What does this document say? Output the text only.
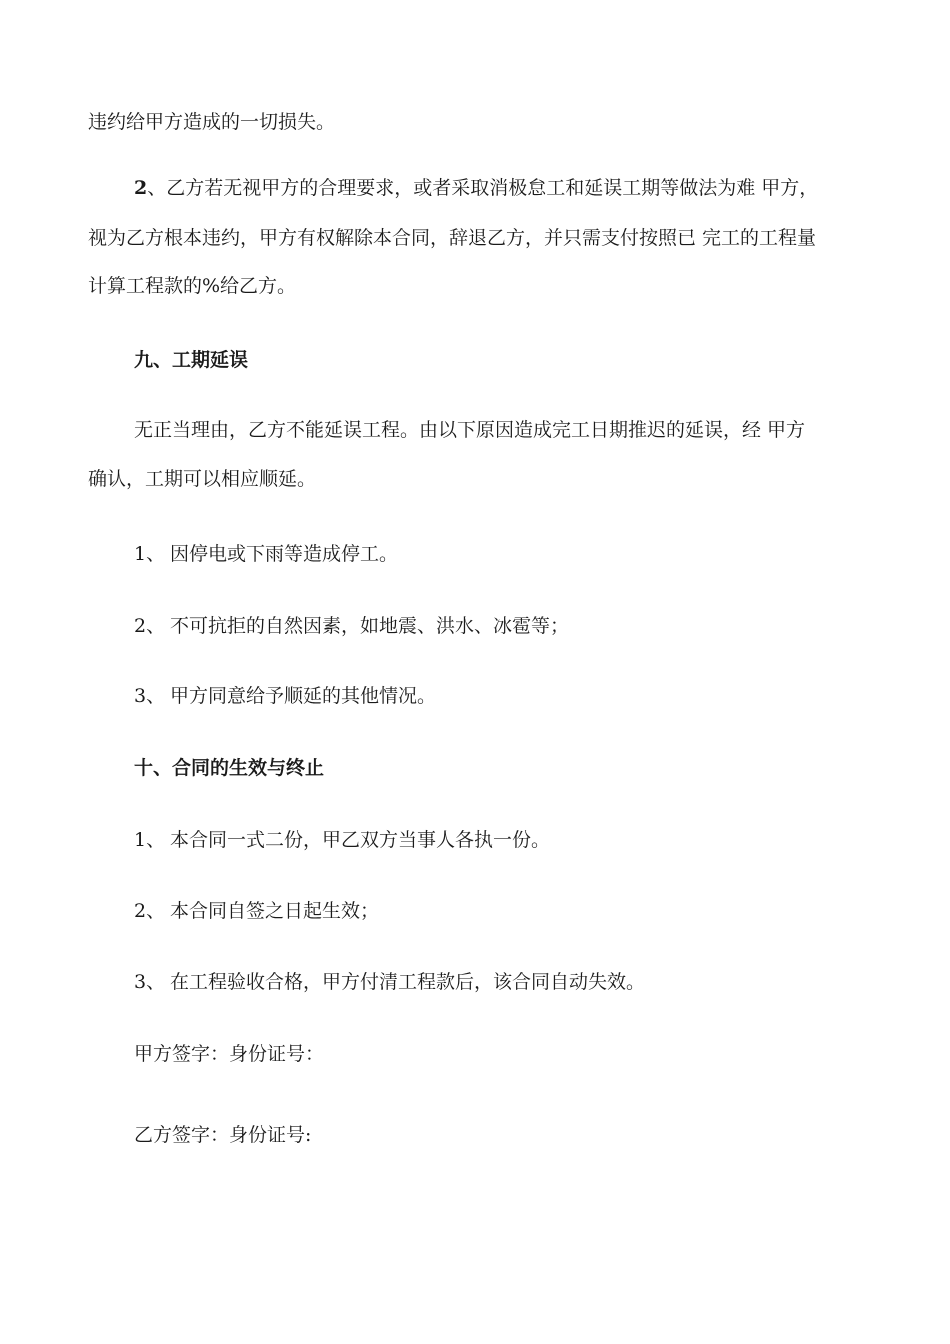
违约给甲方造成的一切损失。
2、乙方若无视甲方的合理要求，或者采取消极怠工和延误工期等做法为难 甲方，
视为乙方根本违约，甲方有权解除本合同，辞退乙方，并只需支付按照已 完工的工程量
计算工程款的%给乙方。
九、工期延误
无正当理由，乙方不能延误工程。由以下原因造成完工日期推迟的延误，经 甲方
确认，工期可以相应顺延。
1、 因停电或下雨等造成停工。
2、 不可抗拒的自然因素，如地震、洪水、冰雹等；
3、 甲方同意给予顺延的其他情况。
十、合同的生效与终止
1、 本合同一式二份，甲乙双方当事人各执一份。
2、 本合同自签之日起生效；
3、 在工程验收合格，甲方付清工程款后，该合同自动失效。
甲方签字：身份证号：
乙方签字：身份证号:
